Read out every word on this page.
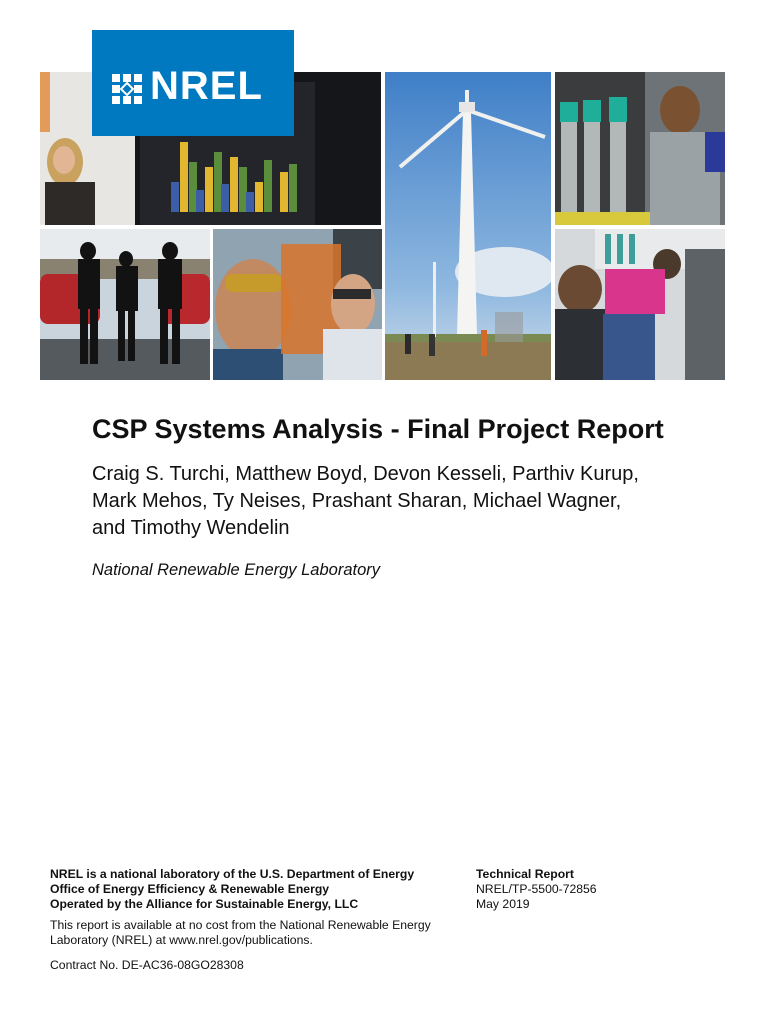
NREL
CSP Systems Analysis - Final Project Report
Craig S. Turchi, Matthew Boyd, Devon Kesseli, Parthiv Kurup,
Mark Mehos, Ty Neises, Prashant Sharan, Michael Wagner,
and Timothy Wendelin
National Renewable Energy Laboratory
NREL is a national laboratory of the U.S. Department of Energy
Office of Energy Efficiency & Renewable Energy
Operated by the Alliance for Sustainable Energy, LLC
This report is available at no cost from the National Renewable Energy
Laboratory (NREL) at www.nrel.gov/publications.
Contract No. DE-AC36-08GO28308
Technical Report
NREL/TP-5500-72856
May 2019
